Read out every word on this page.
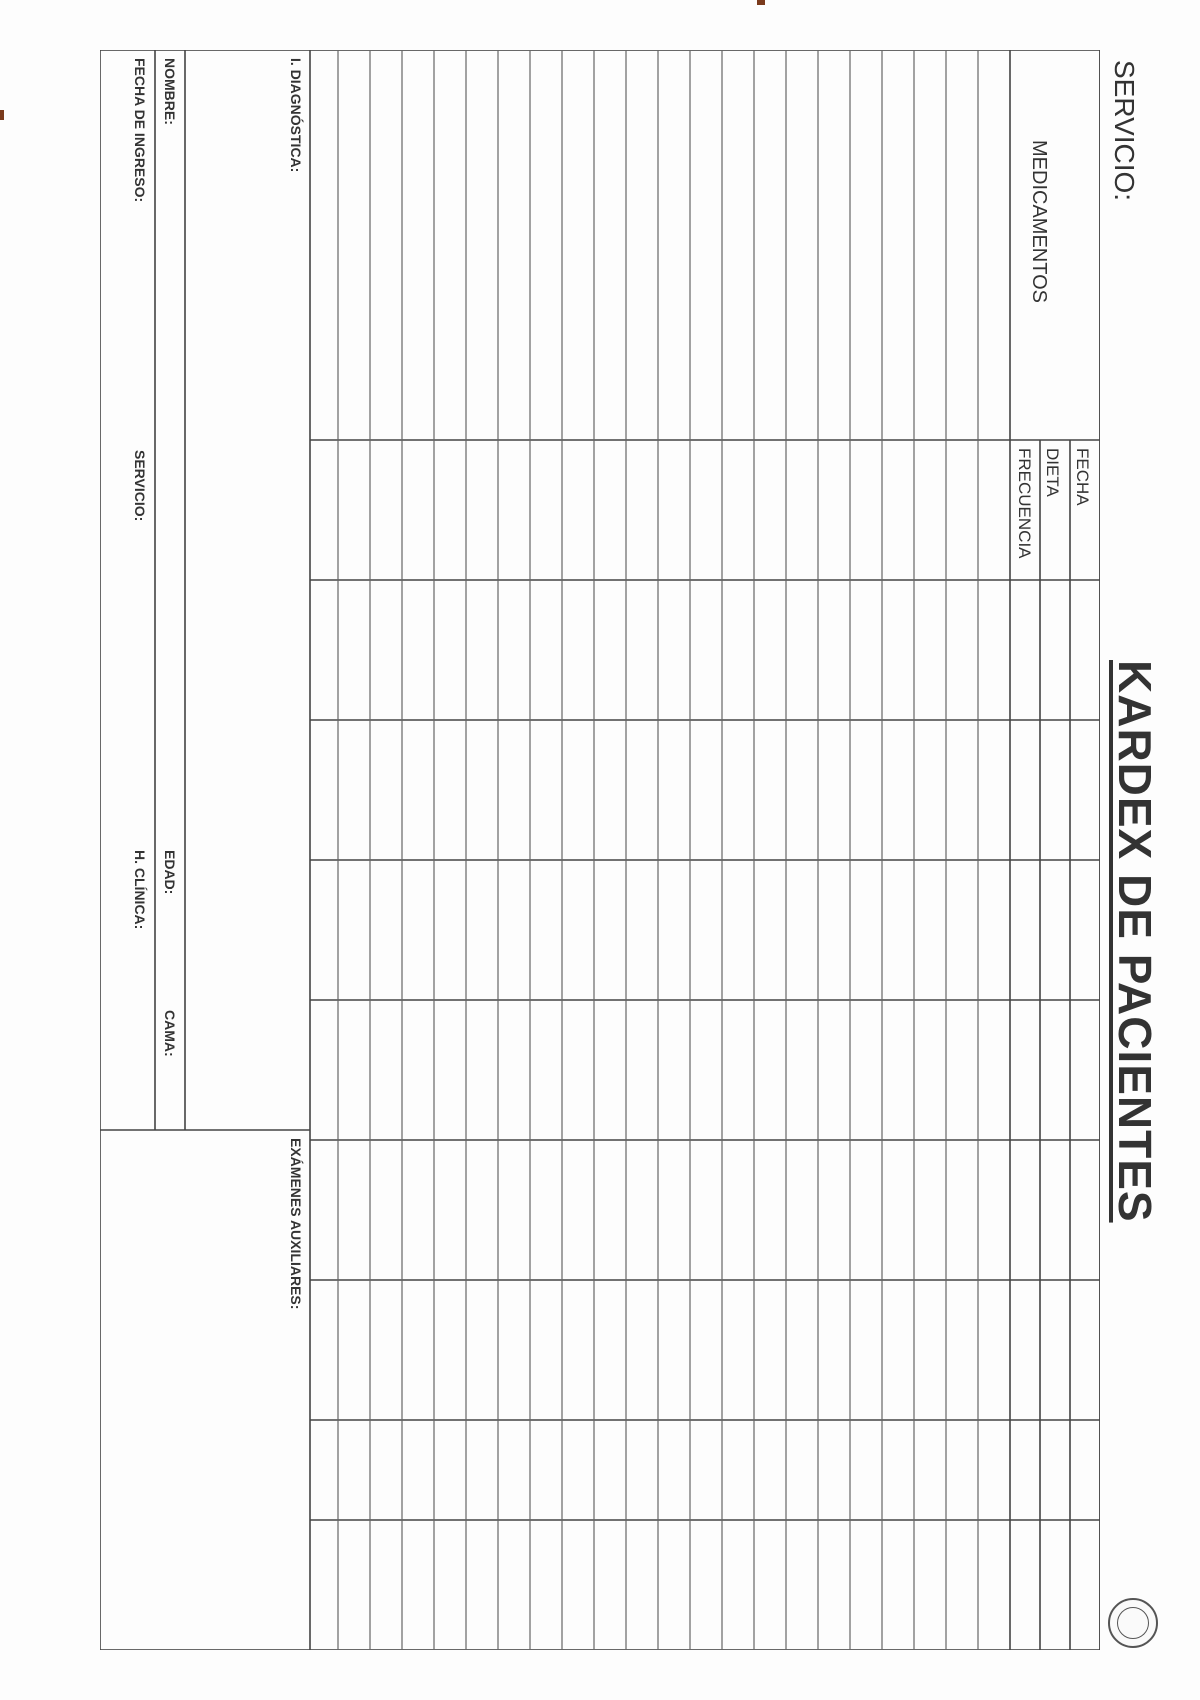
SERVICIO:
KARDEX DE PACIENTES
MEDICAMENTOS
FECHA
DIETA
FRECUENCIA
I. DIAGNÓSTICA:
EXÁMENES AUXILIARES:
NOMBRE:
EDAD:
CAMA:
FECHA DE INGRESO:
SERVICIO:
H. CLÍNICA:
